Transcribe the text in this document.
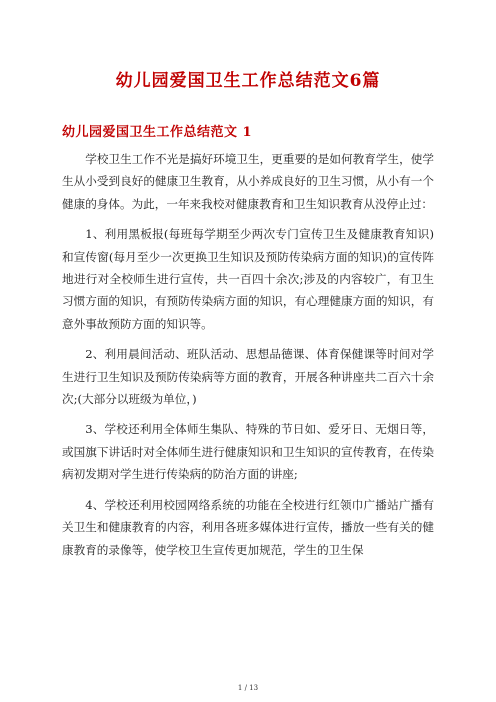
幼儿园爱国卫生工作总结范文6篇
幼儿园爱国卫生工作总结范文 1

学校卫生工作不光是搞好环境卫生，更重要的是如何教育学生，使学生从小受到良好的健康卫生教育，从小养成良好的卫生习惯，从小有一个健康的身体。为此，一年来我校对健康教育和卫生知识教育从没停止过：

1、利用黑板报(每班每学期至少两次专门宣传卫生及健康教育知识)和宣传窗(每月至少一次更换卫生知识及预防传染病方面的知识)的宣传阵地进行对全校师生进行宣传，共一百四十余次;涉及的内容较广，有卫生习惯方面的知识，有预防传染病方面的知识，有心理健康方面的知识，有意外事故预防方面的知识等。

2、利用晨间活动、班队活动、思想品德课、体育保健课等时间对学生进行卫生知识及预防传染病等方面的教育，开展各种讲座共二百六十余次;(大部分以班级为单位，)

3、学校还利用全体师生集队、特殊的节日如、爱牙日、无烟日等，或国旗下讲话时对全体师生进行健康知识和卫生知识的宣传教育，在传染病初发期对学生进行传染病的防治方面的讲座;

4、学校还利用校园网络系统的功能在全校进行红领巾广播站广播有关卫生和健康教育的内容，利用各班多媒体进行宣传，播放一些有关的健康教育的录像等，使学校卫生宣传更加规范，学生的卫生保

1 / 13
